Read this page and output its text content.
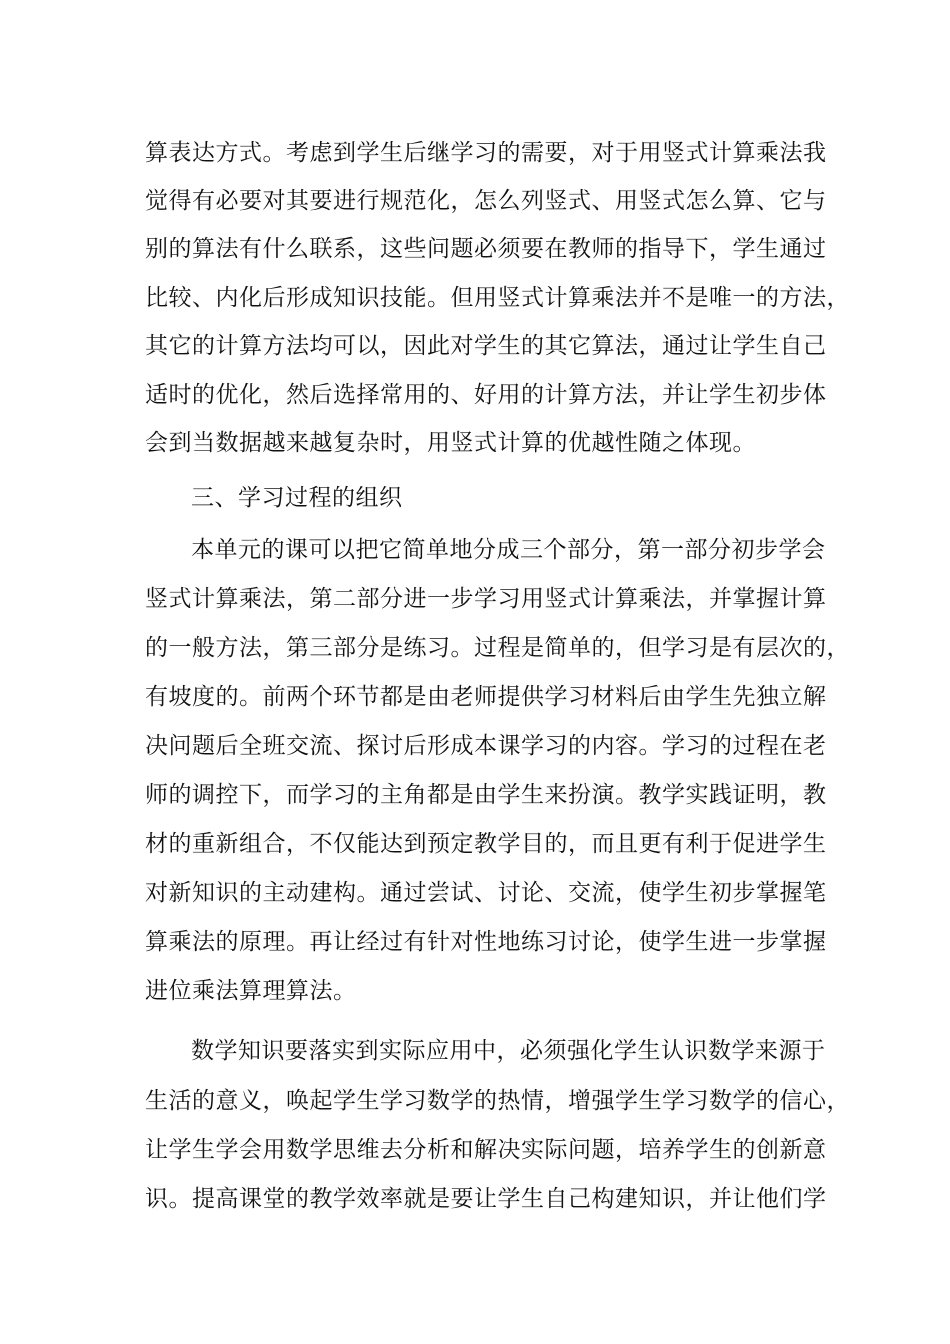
算表达方式。考虑到学生后继学习的需要，对于用竖式计算乘法我

觉得有必要对其要进行规范化，怎么列竖式、用竖式怎么算、它与

别的算法有什么联系，这些问题必须要在教师的指导下，学生通过

比较、内化后形成知识技能。但用竖式计算乘法并不是唯一的方法，

其它的计算方法均可以，因此对学生的其它算法，通过让学生自己

适时的优化，然后选择常用的、好用的计算方法，并让学生初步体

会到当数据越来越复杂时，用竖式计算的优越性随之体现。

三、学习过程的组织

本单元的课可以把它简单地分成三个部分，第一部分初步学会

竖式计算乘法，第二部分进一步学习用竖式计算乘法，并掌握计算

的一般方法，第三部分是练习。过程是简单的，但学习是有层次的，

有坡度的。前两个环节都是由老师提供学习材料后由学生先独立解

决问题后全班交流、探讨后形成本课学习的内容。学习的过程在老

师的调控下，而学习的主角都是由学生来扮演。教学实践证明，教

材的重新组合，不仅能达到预定教学目的，而且更有利于促进学生

对新知识的主动建构。通过尝试、讨论、交流，使学生初步掌握笔

算乘法的原理。再让经过有针对性地练习讨论，使学生进一步掌握

进位乘法算理算法。

数学知识要落实到实际应用中，必须强化学生认识数学来源于

生活的意义，唤起学生学习数学的热情，增强学生学习数学的信心，

让学生学会用数学思维去分析和解决实际问题，培养学生的创新意

识。提高课堂的教学效率就是要让学生自己构建知识，并让他们学
